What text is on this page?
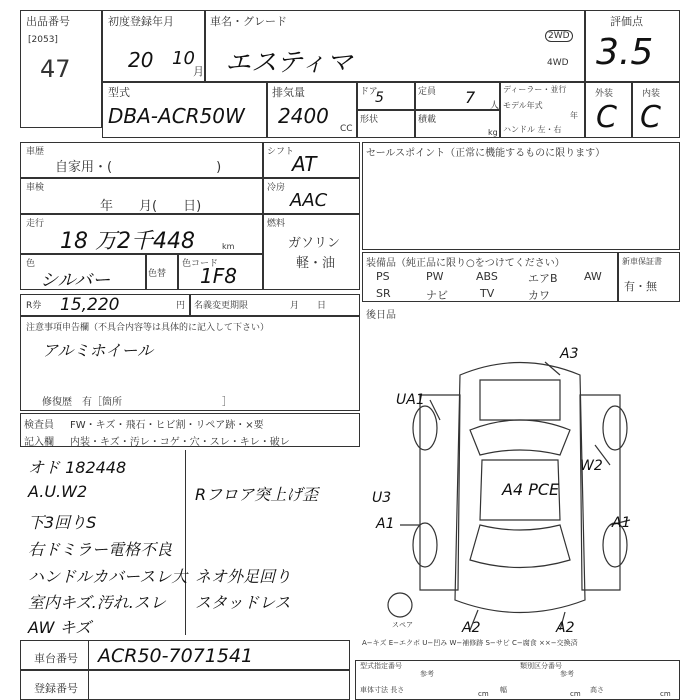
出品番号
[2053]
47
初度登録年月
20 10
月
車名・グレード
エスティマ
2WD
4WD
評価点
3.5
型式
DBA-ACR50W
排気量
2400
CC
ドア
5	定員 7 人
形状	積載
kg
ディーラー・並行
モデル年式
年
ハンドル 左・右
外装
C
内装
C
車歴
自家用・(　　　　　　　　)
シフト
AT
車検
年　　月(　　日)
冷房
AAC
走行
18 万2千448	km
燃料
ガソリン
軽・油
色
シルバー	色替
色コード
1F8
R券 15,220	円 名義変更期限	月　　日
注意事項申告欄（不具合内容等は具体的に記入して下さい）
アルミホイール
修復歴　有［箇所　　　　　　　　　　］
検査員 FW・キズ・飛石・ヒビ割・リペア跡・×要
記入欄 内装・キズ・汚レ・コゲ・穴・スレ・キレ・破レ
オド 182448
A.U.W2
下3回りS
右ドミラー電格不良
ハンドルカバースレ大
室内キズ.汚れ.スレ
AW キズ
Rフロア突上げ歪
ネオ外足回り
スタッドレス
セールスポイント（正常に機能するものに限ります）
装備品（純正品に限り○をつけてください）
PS	PW	ABS	エアB AW
SR	ナビ	TV	カワ
新車保証書
有・無
後日品
A3
UA1
W2
U3
A1
A4 PCE
A1
A2	A2
スペア
A−キズ E−エクボ U−凹み W−補修跡 S−サビ C−腐食 ××−交換済
車台番号 ACR50-7071541
登録番号
型式指定番号
参考
類別区分番号
参考
車体寸法 長さ	cm 幅	cm 高さ	cm
